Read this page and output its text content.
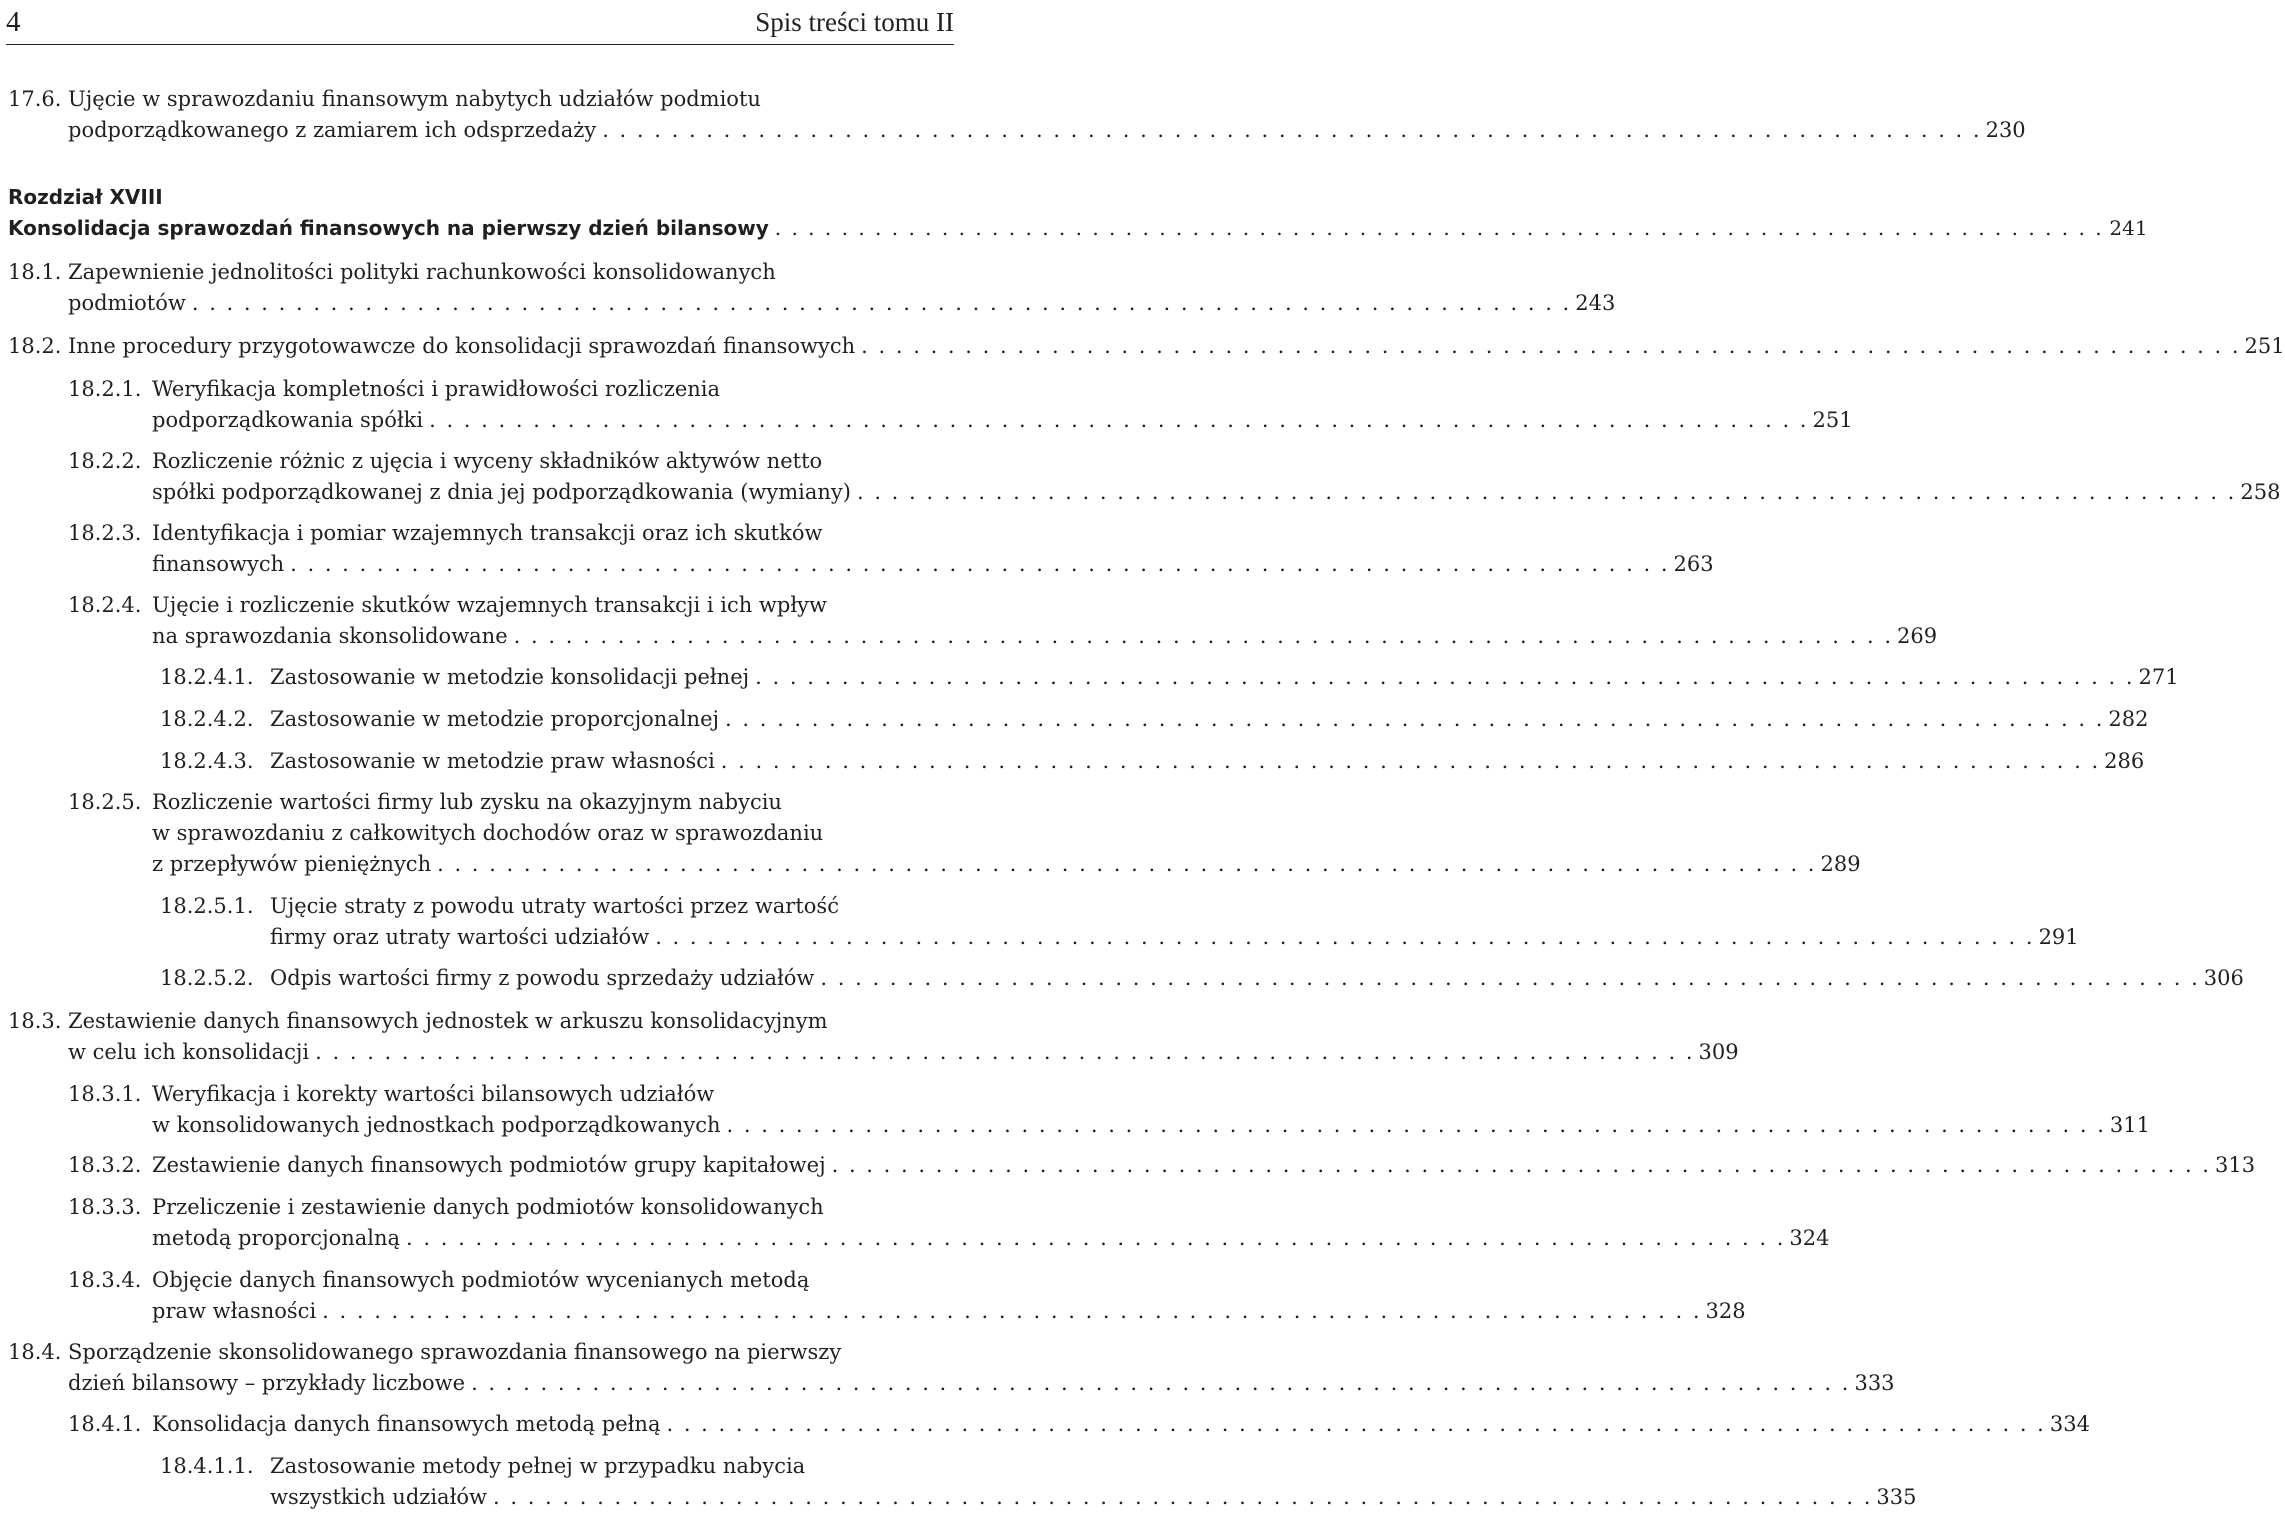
4	Spis treści tomu II
17.6. Ujęcie w sprawozdaniu finansowym nabytych udziałów podmiotu
podporządkowanego z zamiarem ich odsprzedaży . . . . . . . . . . . . . . . . . . . . . . . . . . . . . . . . . . . . . . . . . . . . . . . . . . . . . . . . . . . . . . . . . . . . . . . . . . . . . . . . 230
Rozdział XVIII
Konsolidacja sprawozdań finansowych na pierwszy dzień bilansowy . . . . . . . . . . . . . . . . . . . . . . . . . . . . . . . . . . . . . . . . . . . . . . . . . . . . . . . . . . . . . . . . . . . . . . . . . . . . . . . . 241
18.1. Zapewnienie jednolitości polityki rachunkowości konsolidowanych
podmiotów . . . . . . . . . . . . . . . . . . . . . . . . . . . . . . . . . . . . . . . . . . . . . . . . . . . . . . . . . . . . . . . . . . . . . . . . . . . . . . . . 243
18.2. Inne procedury przygotowawcze do konsolidacji sprawozdań finansowych . . . . . . . . . . . . . . . . . . . . . . . . . . . . . . . . . . . . . . . . . . . . . . . . . . . . . . . . . . . . . . . . . . . . . . . . . . . . . . . . 251
18.2.1. Weryfikacja kompletności i prawidłowości rozliczenia
podporządkowania spółki . . . . . . . . . . . . . . . . . . . . . . . . . . . . . . . . . . . . . . . . . . . . . . . . . . . . . . . . . . . . . . . . . . . . . . . . . . . . . . . . 251
18.2.2. Rozliczenie różnic z ujęcia i wyceny składników aktywów netto
spółki podporządkowanej z dnia jej podporządkowania (wymiany) . . . . . . . . . . . . . . . . . . . . . . . . . . . . . . . . . . . . . . . . . . . . . . . . . . . . . . . . . . . . . . . . . . . . . . . . . . . . . . . . 258
18.2.3. Identyfikacja i pomiar wzajemnych transakcji oraz ich skutków
finansowych . . . . . . . . . . . . . . . . . . . . . . . . . . . . . . . . . . . . . . . . . . . . . . . . . . . . . . . . . . . . . . . . . . . . . . . . . . . . . . . . 263
18.2.4. Ujęcie i rozliczenie skutków wzajemnych transakcji i ich wpływ
na sprawozdania skonsolidowane . . . . . . . . . . . . . . . . . . . . . . . . . . . . . . . . . . . . . . . . . . . . . . . . . . . . . . . . . . . . . . . . . . . . . . . . . . . . . . . . 269
18.2.4.1. Zastosowanie w metodzie konsolidacji pełnej . . . . . . . . . . . . . . . . . . . . . . . . . . . . . . . . . . . . . . . . . . . . . . . . . . . . . . . . . . . . . . . . . . . . . . . . . . . . . . . . 271
18.2.4.2. Zastosowanie w metodzie proporcjonalnej . . . . . . . . . . . . . . . . . . . . . . . . . . . . . . . . . . . . . . . . . . . . . . . . . . . . . . . . . . . . . . . . . . . . . . . . . . . . . . . . 282
18.2.4.3. Zastosowanie w metodzie praw własności . . . . . . . . . . . . . . . . . . . . . . . . . . . . . . . . . . . . . . . . . . . . . . . . . . . . . . . . . . . . . . . . . . . . . . . . . . . . . . . . 286
18.2.5. Rozliczenie wartości firmy lub zysku na okazyjnym nabyciu
w sprawozdaniu z całkowitych dochodów oraz w sprawozdaniu
z przepływów pieniężnych . . . . . . . . . . . . . . . . . . . . . . . . . . . . . . . . . . . . . . . . . . . . . . . . . . . . . . . . . . . . . . . . . . . . . . . . . . . . . . . . 289
18.2.5.1. Ujęcie straty z powodu utraty wartości przez wartość
firmy oraz utraty wartości udziałów . . . . . . . . . . . . . . . . . . . . . . . . . . . . . . . . . . . . . . . . . . . . . . . . . . . . . . . . . . . . . . . . . . . . . . . . . . . . . . . . 291
18.2.5.2. Odpis wartości firmy z powodu sprzedaży udziałów . . . . . . . . . . . . . . . . . . . . . . . . . . . . . . . . . . . . . . . . . . . . . . . . . . . . . . . . . . . . . . . . . . . . . . . . . . . . . . . . 306
18.3. Zestawienie danych finansowych jednostek w arkuszu konsolidacyjnym
w celu ich konsolidacji . . . . . . . . . . . . . . . . . . . . . . . . . . . . . . . . . . . . . . . . . . . . . . . . . . . . . . . . . . . . . . . . . . . . . . . . . . . . . . . . 309
18.3.1. Weryfikacja i korekty wartości bilansowych udziałów
w konsolidowanych jednostkach podporządkowanych . . . . . . . . . . . . . . . . . . . . . . . . . . . . . . . . . . . . . . . . . . . . . . . . . . . . . . . . . . . . . . . . . . . . . . . . . . . . . . . . 311
18.3.2. Zestawienie danych finansowych podmiotów grupy kapitałowej . . . . . . . . . . . . . . . . . . . . . . . . . . . . . . . . . . . . . . . . . . . . . . . . . . . . . . . . . . . . . . . . . . . . . . . . . . . . . . . . 313
18.3.3. Przeliczenie i zestawienie danych podmiotów konsolidowanych
metodą proporcjonalną . . . . . . . . . . . . . . . . . . . . . . . . . . . . . . . . . . . . . . . . . . . . . . . . . . . . . . . . . . . . . . . . . . . . . . . . . . . . . . . . 324
18.3.4. Objęcie danych finansowych podmiotów wycenianych metodą
praw własności . . . . . . . . . . . . . . . . . . . . . . . . . . . . . . . . . . . . . . . . . . . . . . . . . . . . . . . . . . . . . . . . . . . . . . . . . . . . . . . . 328
18.4. Sporządzenie skonsolidowanego sprawozdania finansowego na pierwszy
dzień bilansowy – przykłady liczbowe . . . . . . . . . . . . . . . . . . . . . . . . . . . . . . . . . . . . . . . . . . . . . . . . . . . . . . . . . . . . . . . . . . . . . . . . . . . . . . . . 333
18.4.1. Konsolidacja danych finansowych metodą pełną . . . . . . . . . . . . . . . . . . . . . . . . . . . . . . . . . . . . . . . . . . . . . . . . . . . . . . . . . . . . . . . . . . . . . . . . . . . . . . . . 334
18.4.1.1. Zastosowanie metody pełnej w przypadku nabycia
wszystkich udziałów . . . . . . . . . . . . . . . . . . . . . . . . . . . . . . . . . . . . . . . . . . . . . . . . . . . . . . . . . . . . . . . . . . . . . . . . . . . . . . . . 335
